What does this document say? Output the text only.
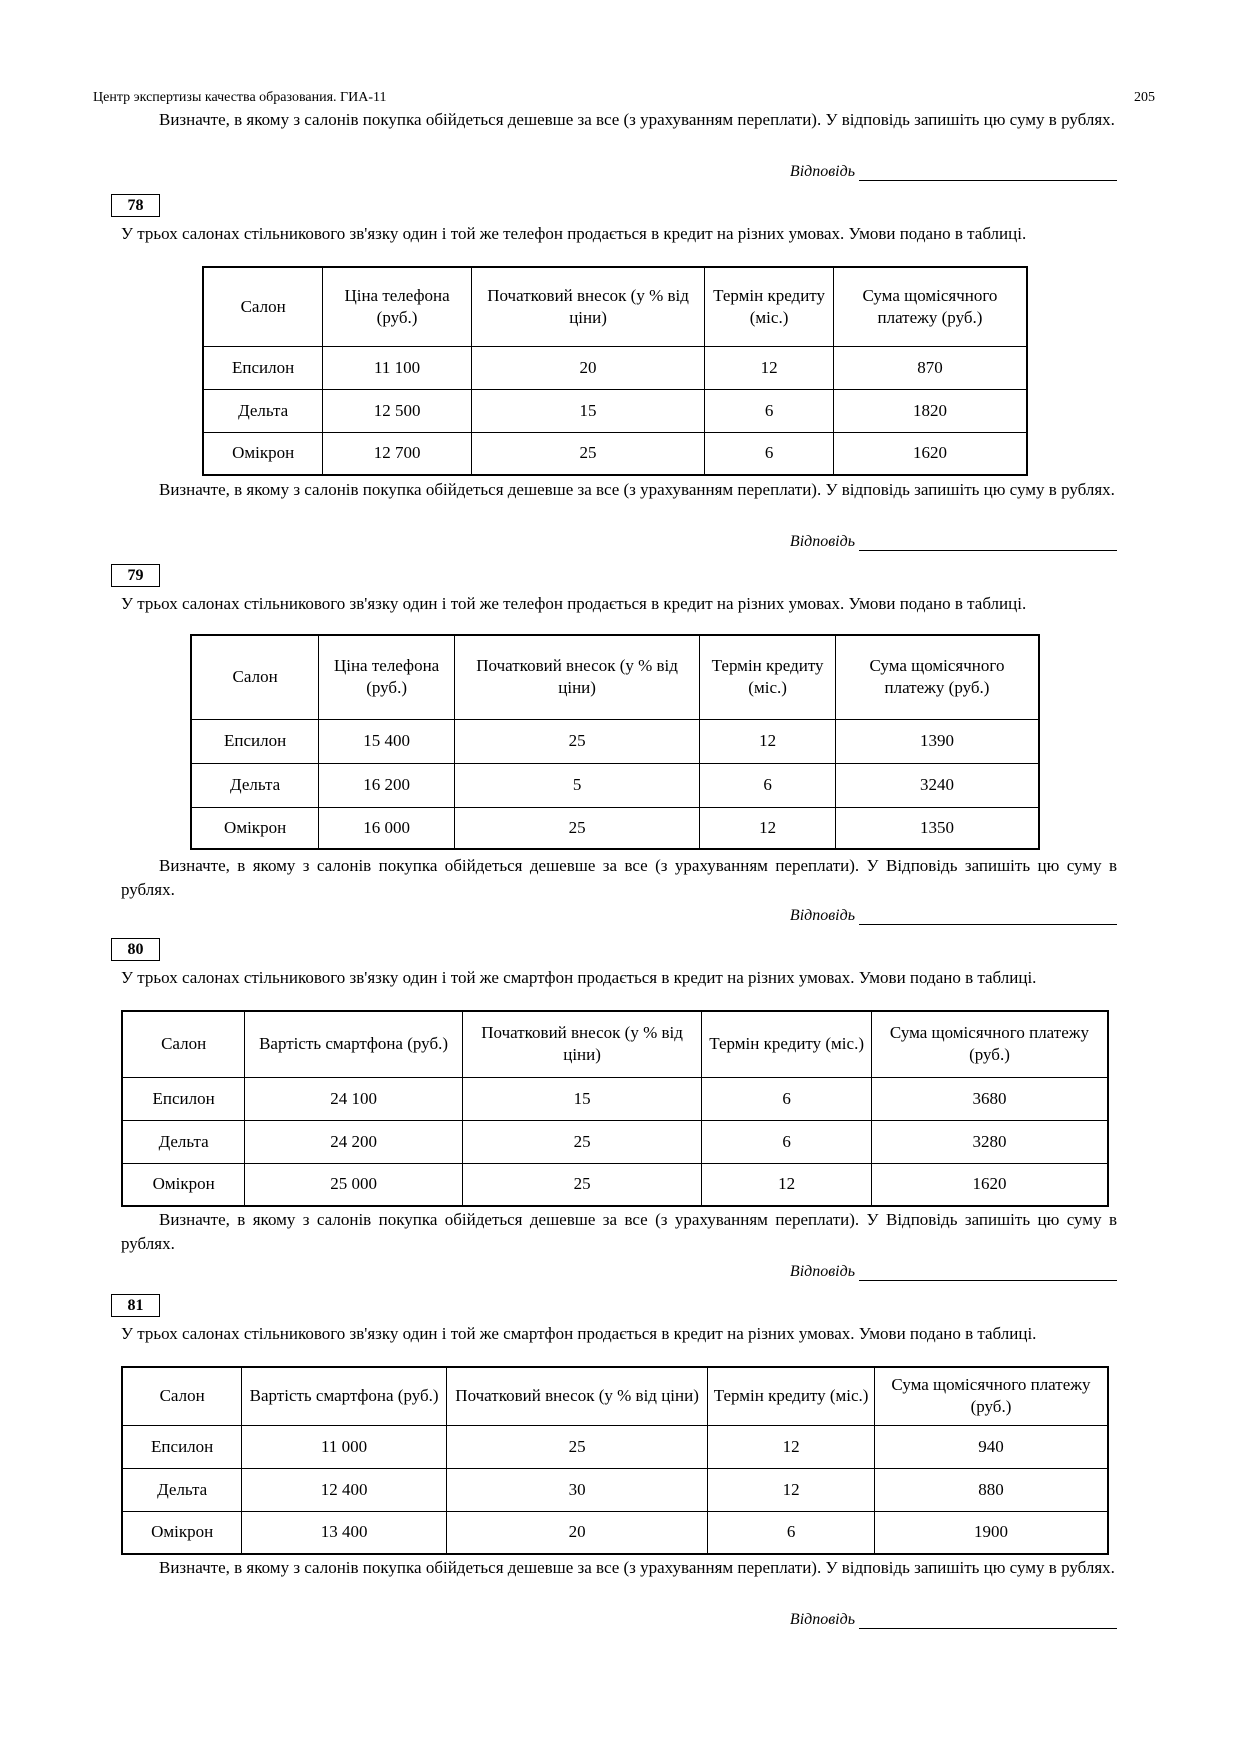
Центр экспертизы качества образования. ГИА-11	205
Визначте, в якому з салонів покупка обійдеться дешевше за все (з урахуванням переплати). У відповідь запишіть цю суму в рублях.
Відповідь
78
У трьох салонах стільникового зв'язку один і той же телефон продається в кредит на різних умовах. Умови подано в таблиці.
Салон	Ціна телефона (руб.)	Початковий внесок (у % від ціни)	Термін кредиту (міс.)	Сума щомісячного платежу (руб.)
Епсилон	11 100	20	12	870
Дельта	12 500	15	6	1820
Омікрон	12 700	25	6	1620
Визначте, в якому з салонів покупка обійдеться дешевше за все (з урахуванням переплати). У відповідь запишіть цю суму в рублях.
Відповідь
79
У трьох салонах стільникового зв'язку один і той же телефон продається в кредит на різних умовах. Умови подано в таблиці.
Салон	Ціна телефона (руб.)	Початковий внесок (у % від ціни)	Термін кредиту (міс.)	Сума щомісячного платежу (руб.)
Епсилон	15 400	25	12	1390
Дельта	16 200	5	6	3240
Омікрон	16 000	25	12	1350
Визначте, в якому з салонів покупка обійдеться дешевше за все (з урахуванням переплати). У Відповідь запишіть цю суму в рублях.
Відповідь
80
У трьох салонах стільникового зв'язку один і той же смартфон продається в кредит на різних умовах. Умови подано в таблиці.
Салон	Вартість смартфона (руб.)	Початковий внесок (у % від ціни)	Термін кредиту (міс.)	Сума щомісячного платежу (руб.)
Епсилон	24 100	15	6	3680
Дельта	24 200	25	6	3280
Омікрон	25 000	25	12	1620
Визначте, в якому з салонів покупка обійдеться дешевше за все (з урахуванням переплати). У Відповідь запишіть цю суму в рублях.
Відповідь
81
У трьох салонах стільникового зв'язку один і той же смартфон продається в кредит на різних умовах. Умови подано в таблиці.
Салон	Вартість смартфона (руб.)	Початковий внесок (у % від ціни)	Термін кредиту (міс.)	Сума щомісячного платежу (руб.)
Епсилон	11 000	25	12	940
Дельта	12 400	30	12	880
Омікрон	13 400	20	6	1900
Визначте, в якому з салонів покупка обійдеться дешевше за все (з урахуванням переплати). У відповідь запишіть цю суму в рублях.
Відповідь
